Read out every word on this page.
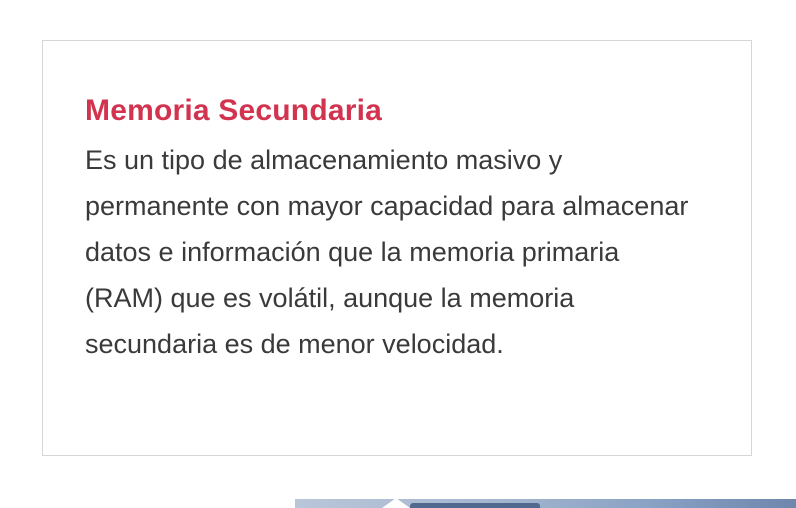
Memoria Secundaria

Es un tipo de almacenamiento masivo y permanente con mayor capacidad para almacenar datos e información que la memoria primaria (RAM) que es volátil, aunque la memoria secundaria es de menor velocidad.
